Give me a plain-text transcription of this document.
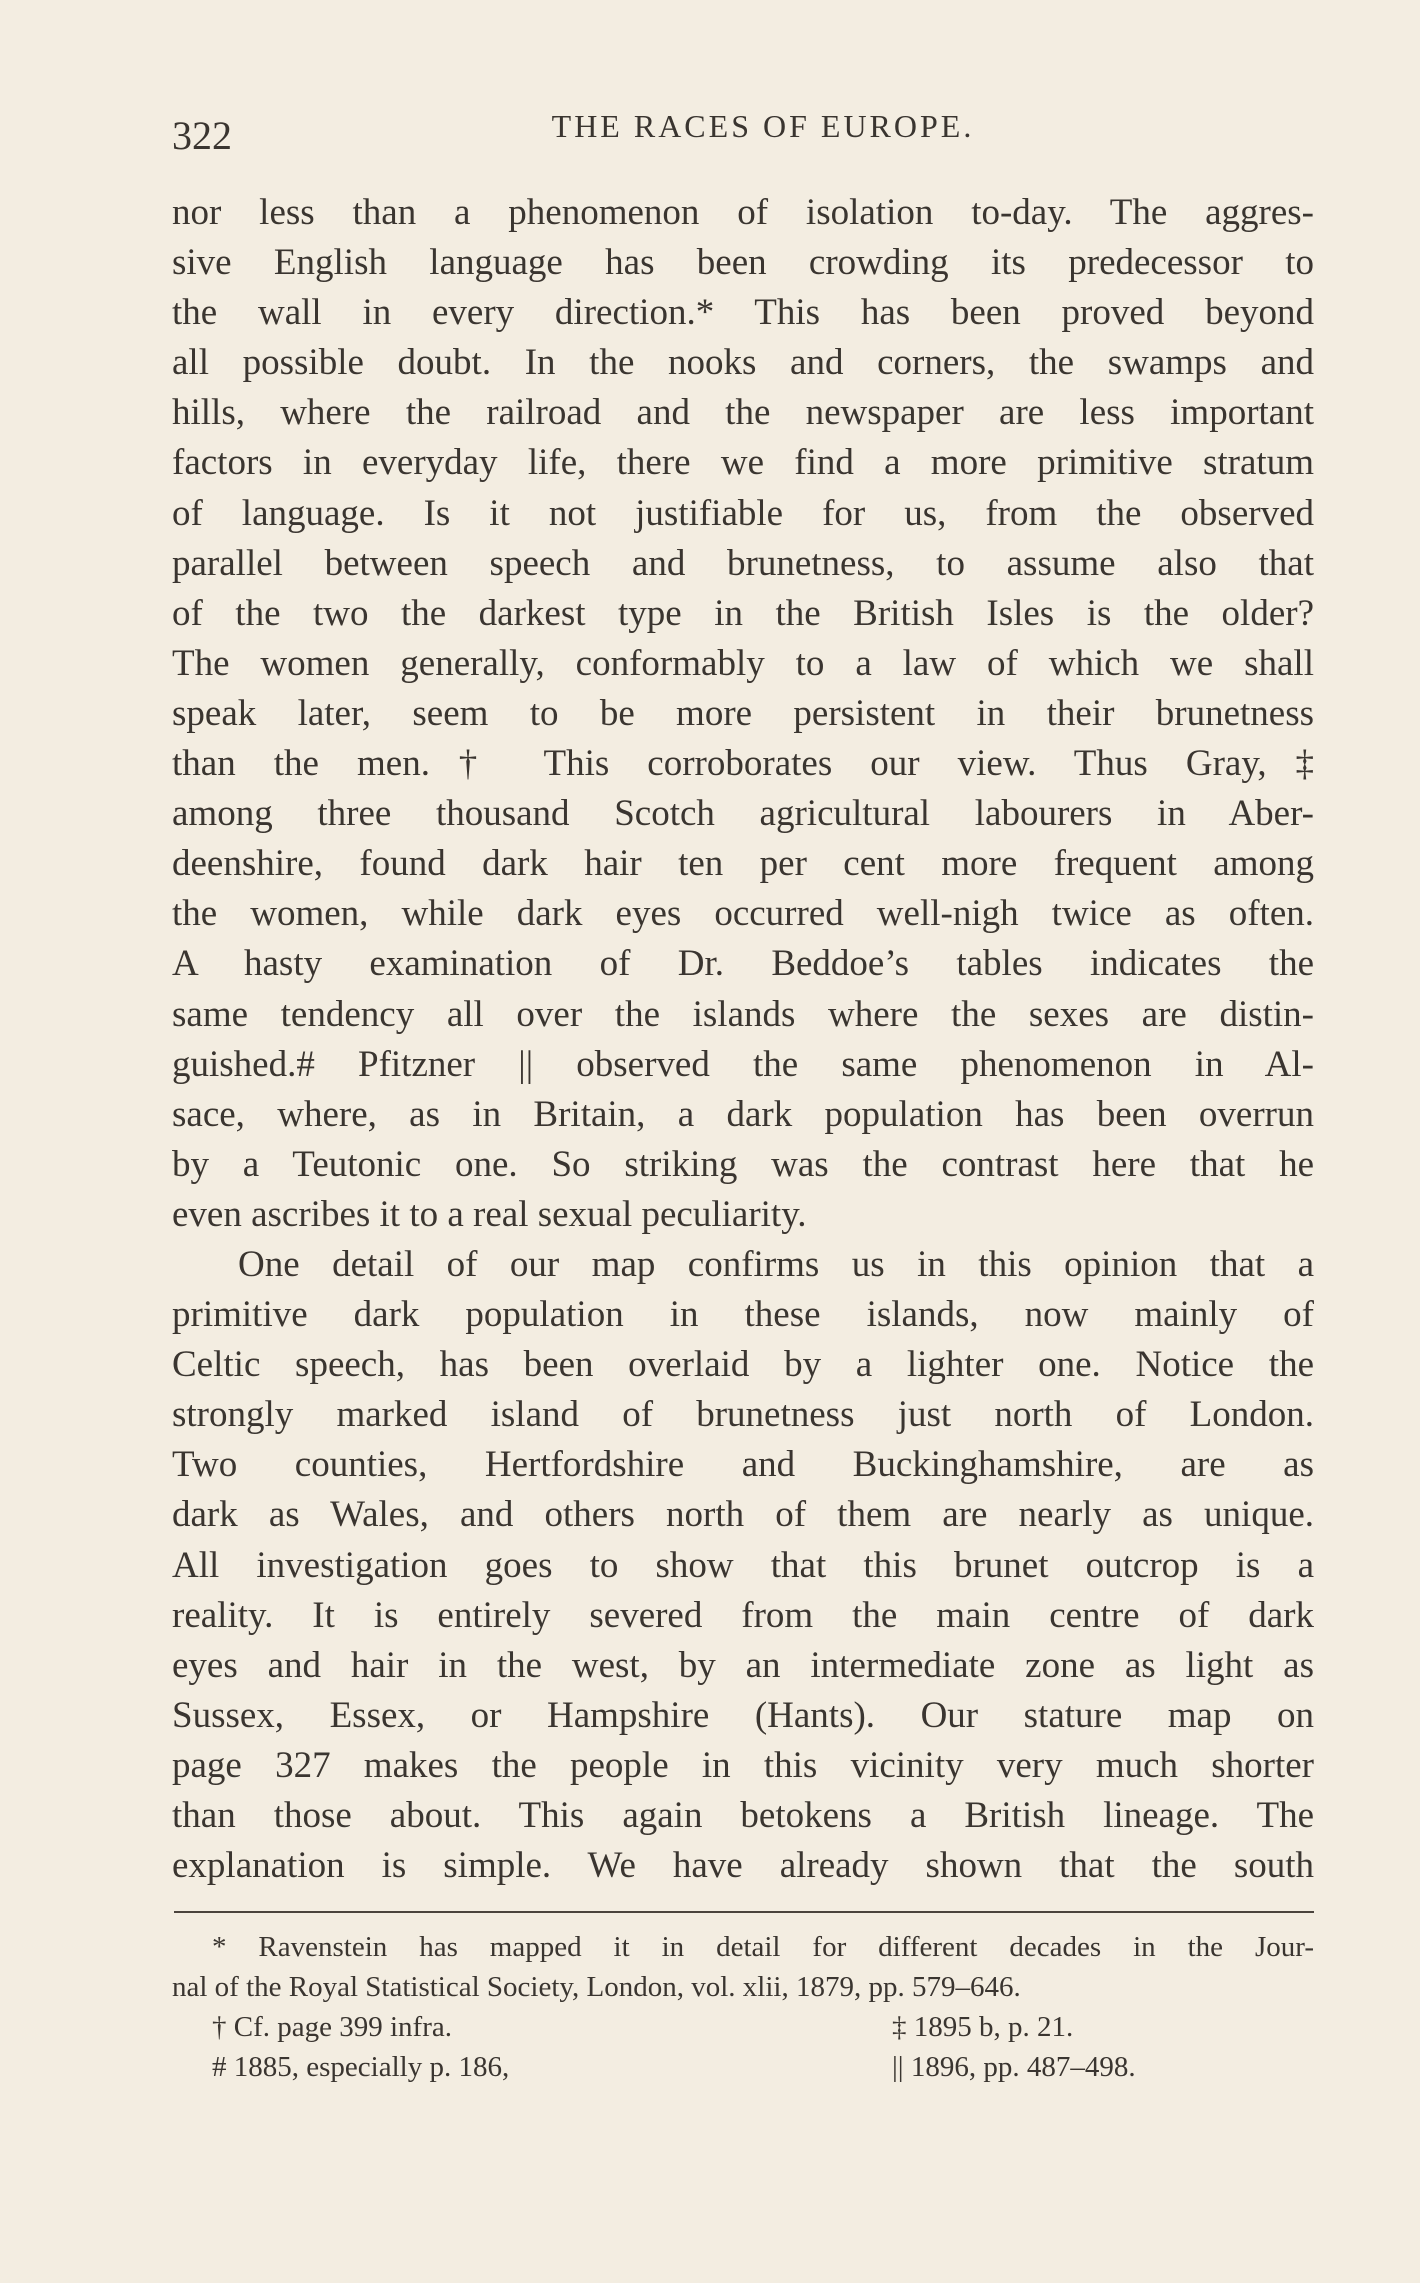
322	THE RACES OF EUROPE.
nor less than a phenomenon of isolation to-day. The aggres-
sive English language has been crowding its predecessor to
the wall in every direction.* This has been proved beyond
all possible doubt. In the nooks and corners, the swamps and
hills, where the railroad and the newspaper are less important
factors in everyday life, there we find a more primitive stratum
of language. Is it not justifiable for us, from the observed
parallel between speech and brunetness, to assume also that
of the two the darkest type in the British Isles is the older?
The women generally, conformably to a law of which we shall
speak later, seem to be more persistent in their brunetness
than the men.† This corroborates our view. Thus Gray,‡
among three thousand Scotch agricultural labourers in Aber-
deenshire, found dark hair ten per cent more frequent among
the women, while dark eyes occurred well-nigh twice as often.
A hasty examination of Dr. Beddoe’s tables indicates the
same tendency all over the islands where the sexes are distin-
guished.# Pfitzner || observed the same phenomenon in Al-
sace, where, as in Britain, a dark population has been overrun
by a Teutonic one. So striking was the contrast here that he
even ascribes it to a real sexual peculiarity.
One detail of our map confirms us in this opinion that a
primitive dark population in these islands, now mainly of
Celtic speech, has been overlaid by a lighter one. Notice the
strongly marked island of brunetness just north of London.
Two counties, Hertfordshire and Buckinghamshire, are as
dark as Wales, and others north of them are nearly as unique.
All investigation goes to show that this brunet outcrop is a
reality. It is entirely severed from the main centre of dark
eyes and hair in the west, by an intermediate zone as light as
Sussex, Essex, or Hampshire (Hants). Our stature map on
page 327 makes the people in this vicinity very much shorter
than those about. This again betokens a British lineage. The
explanation is simple. We have already shown that the south
* Ravenstein has mapped it in detail for different decades in the Jour-
nal of the Royal Statistical Society, London, vol. xlii, 1879, pp. 579–646.
† Cf. page 399 infra.	‡ 1895 b, p. 21.
# 1885, especially p. 186,	|| 1896, pp. 487–498.
